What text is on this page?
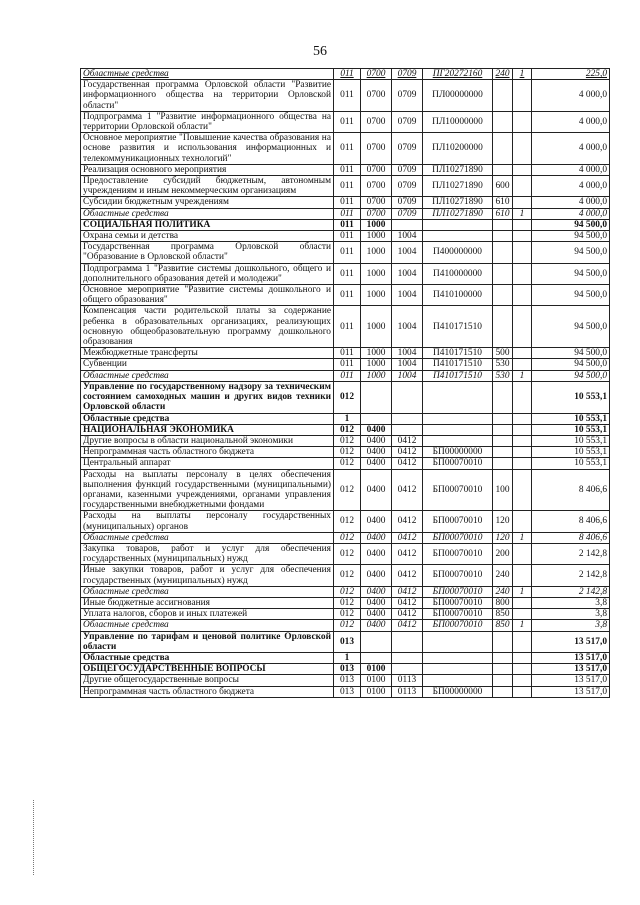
56
Областные средства	011	0700	0709	ПГ20272160	240	1	225,0
Государственная программа Орловской области "Развитие информационного общества на территории Орловской области"	011	0700	0709	ПЛ00000000			4 000,0
Подпрограмма 1 "Развитие информационного общества на территории Орловской области"	011	0700	0709	ПЛ10000000			4 000,0
Основное мероприятие "Повышение качества образования на основе развития и использования информационных и телекоммуникационных технологий"	011	0700	0709	ПЛ10200000			4 000,0
Реализация основного мероприятия	011	0700	0709	ПЛ10271890			4 000,0
Предоставление субсидий бюджетным, автономным учреждениям и иным некоммерческим организациям	011	0700	0709	ПЛ10271890	600		4 000,0
Субсидии бюджетным учреждениям	011	0700	0709	ПЛ10271890	610		4 000,0
Областные средства	011	0700	0709	ПЛ10271890	610	1	4 000,0
СОЦИАЛЬНАЯ ПОЛИТИКА	011	1000					94 500,0
Охрана семьи и детства	011	1000	1004				94 500,0
Государственная программа Орловской области "Образование в Орловской области"	011	1000	1004	П400000000			94 500,0
Подпрограмма 1 "Развитие системы дошкольного, общего и дополнительного образования детей и молодежи"	011	1000	1004	П410000000			94 500,0
Основное мероприятие "Развитие системы дошкольного и общего образования"	011	1000	1004	П410100000			94 500,0
Компенсация части родительской платы за содержание ребенка в образовательных организациях, реализующих основную общеобразовательную программу дошкольного образования	011	1000	1004	П410171510			94 500,0
Межбюджетные трансферты	011	1000	1004	П410171510	500		94 500,0
Субвенции	011	1000	1004	П410171510	530		94 500,0
Областные средства	011	1000	1004	П410171510	530	1	94 500,0
Управление по государственному надзору за техническим состоянием самоходных машин и других видов техники Орловской области	012						10 553,1
Областные средства	1						10 553,1
НАЦИОНАЛЬНАЯ ЭКОНОМИКА	012	0400					10 553,1
Другие вопросы в области национальной экономики	012	0400	0412				10 553,1
Непрограммная часть областного бюджета	012	0400	0412	БП00000000			10 553,1
Центральный аппарат	012	0400	0412	БП00070010			10 553,1
Расходы на выплаты персоналу в целях обеспечения выполнения функций государственными (муниципальными) органами, казенными учреждениями, органами управления государственными внебюджетными фондами	012	0400	0412	БП00070010	100		8 406,6
Расходы на выплаты персоналу государственных (муниципальных) органов	012	0400	0412	БП00070010	120		8 406,6
Областные средства	012	0400	0412	БП00070010	120	1	8 406,6
Закупка товаров, работ и услуг для обеспечения государственных (муниципальных) нужд	012	0400	0412	БП00070010	200		2 142,8
Иные закупки товаров, работ и услуг для обеспечения государственных (муниципальных) нужд	012	0400	0412	БП00070010	240		2 142,8
Областные средства	012	0400	0412	БП00070010	240	1	2 142,8
Иные бюджетные ассигнования	012	0400	0412	БП00070010	800		3,8
Уплата налогов, сборов и иных платежей	012	0400	0412	БП00070010	850		3,8
Областные средства	012	0400	0412	БП00070010	850	1	3,8
Управление по тарифам и ценовой политике Орловской области	013						13 517,0
Областные средства	1						13 517,0
ОБЩЕГОСУДАРСТВЕННЫЕ ВОПРОСЫ	013	0100					13 517,0
Другие общегосударственные вопросы	013	0100	0113				13 517,0
Непрограммная часть областного бюджета	013	0100	0113	БП00000000			13 517,0
